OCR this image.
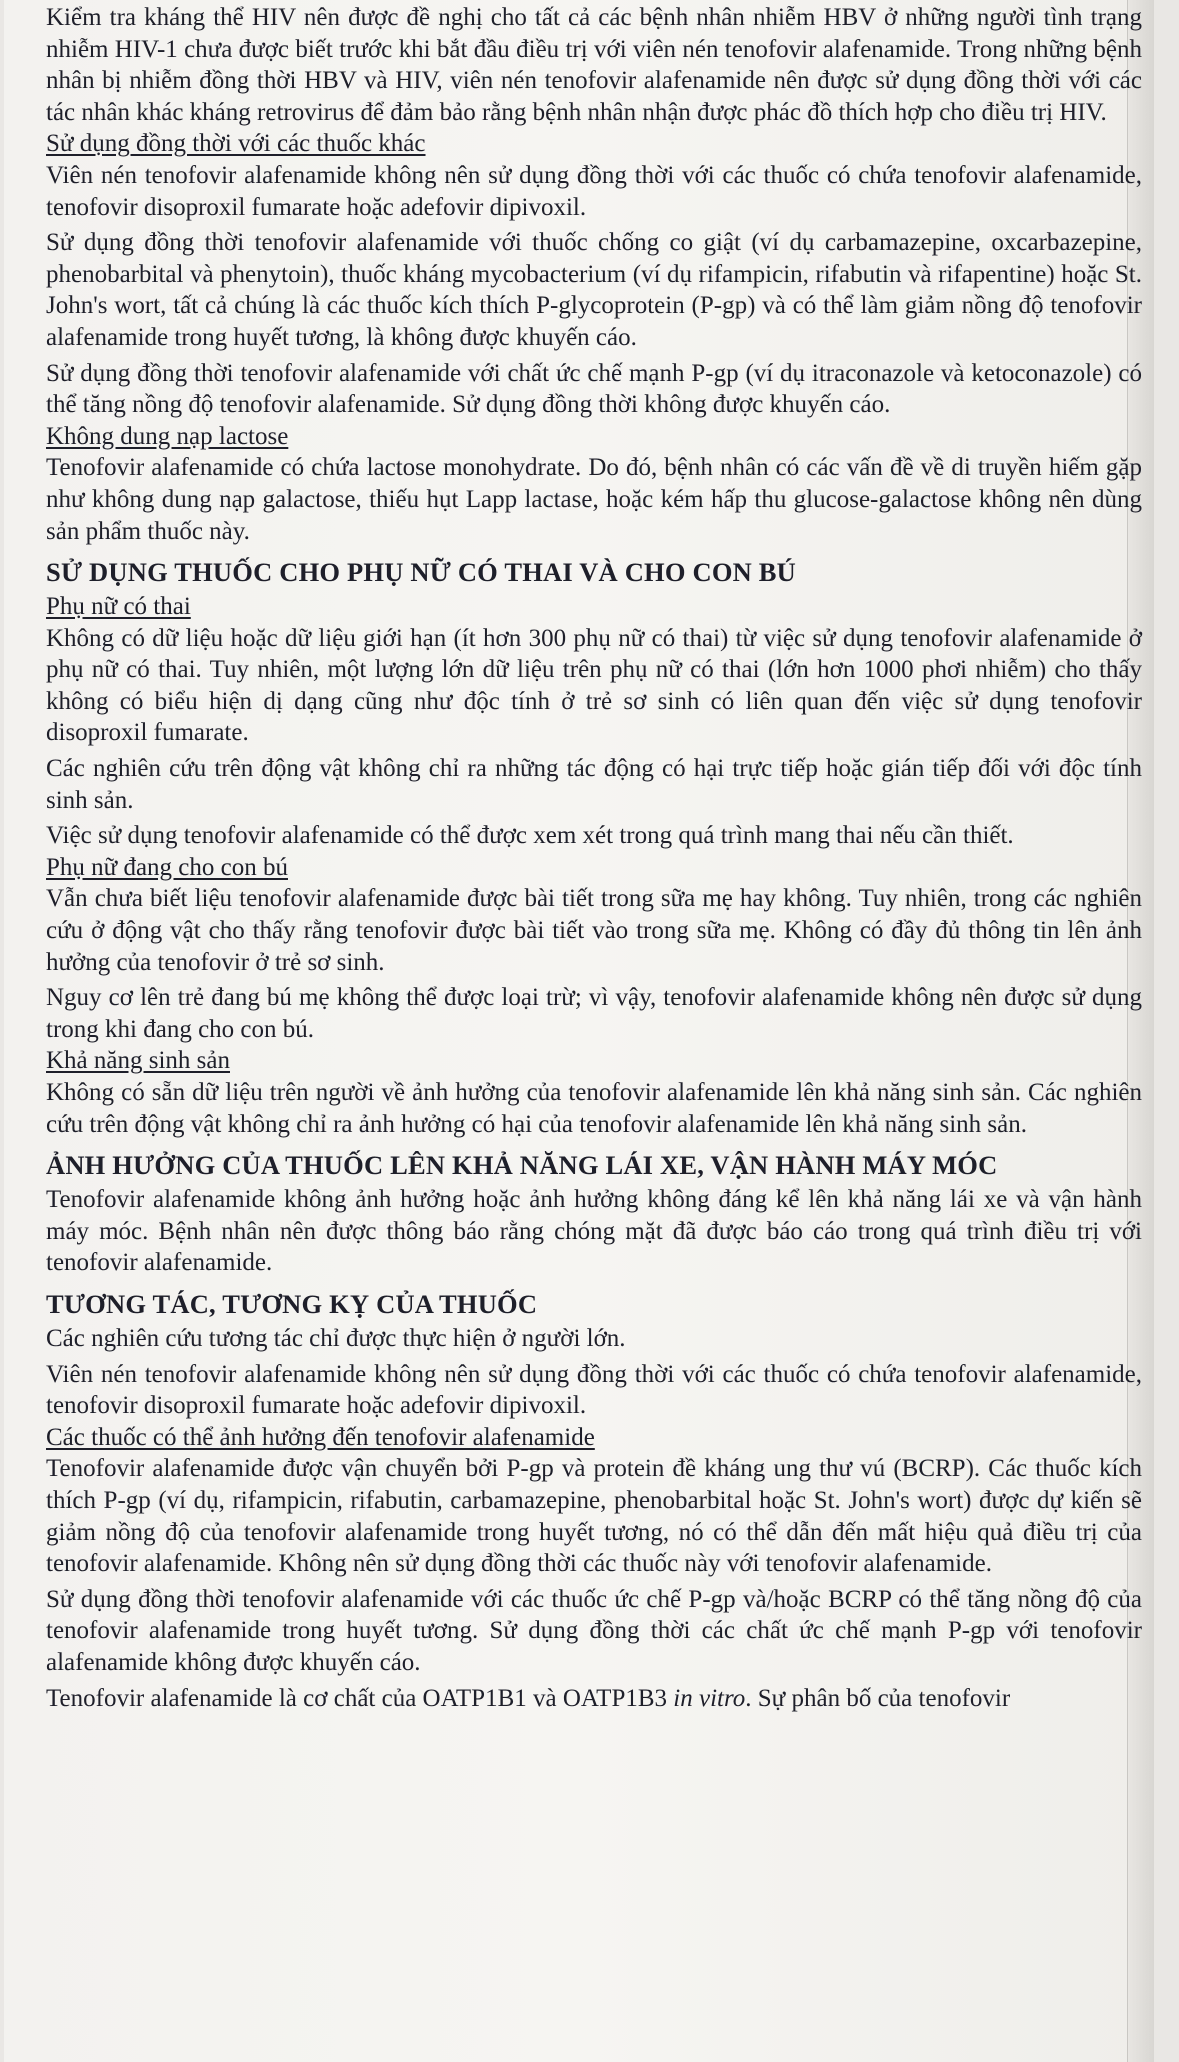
Kiểm tra kháng thể HIV nên được đề nghị cho tất cả các bệnh nhân nhiễm HBV ở những người tình trạng nhiễm HIV-1 chưa được biết trước khi bắt đầu điều trị với viên nén tenofovir alafenamide. Trong những bệnh nhân bị nhiễm đồng thời HBV và HIV, viên nén tenofovir alafenamide nên được sử dụng đồng thời với các tác nhân khác kháng retrovirus để đảm bảo rằng bệnh nhân nhận được phác đồ thích hợp cho điều trị HIV.

Sử dụng đồng thời với các thuốc khác

Viên nén tenofovir alafenamide không nên sử dụng đồng thời với các thuốc có chứa tenofovir alafenamide, tenofovir disoproxil fumarate hoặc adefovir dipivoxil.

Sử dụng đồng thời tenofovir alafenamide với thuốc chống co giật (ví dụ carbamazepine, oxcarbazepine, phenobarbital và phenytoin), thuốc kháng mycobacterium (ví dụ rifampicin, rifabutin và rifapentine) hoặc St. John's wort, tất cả chúng là các thuốc kích thích P-glycoprotein (P-gp) và có thể làm giảm nồng độ tenofovir alafenamide trong huyết tương, là không được khuyến cáo.

Sử dụng đồng thời tenofovir alafenamide với chất ức chế mạnh P-gp (ví dụ itraconazole và ketoconazole) có thể tăng nồng độ tenofovir alafenamide. Sử dụng đồng thời không được khuyến cáo.

Không dung nạp lactose

Tenofovir alafenamide có chứa lactose monohydrate. Do đó, bệnh nhân có các vấn đề về di truyền hiếm gặp như không dung nạp galactose, thiếu hụt Lapp lactase, hoặc kém hấp thu glucose-galactose không nên dùng sản phẩm thuốc này.

SỬ DỤNG THUỐC CHO PHỤ NỮ CÓ THAI VÀ CHO CON BÚ
Phụ nữ có thai

Không có dữ liệu hoặc dữ liệu giới hạn (ít hơn 300 phụ nữ có thai) từ việc sử dụng tenofovir alafenamide ở phụ nữ có thai. Tuy nhiên, một lượng lớn dữ liệu trên phụ nữ có thai (lớn hơn 1000 phơi nhiễm) cho thấy không có biểu hiện dị dạng cũng như độc tính ở trẻ sơ sinh có liên quan đến việc sử dụng tenofovir disoproxil fumarate.

Các nghiên cứu trên động vật không chỉ ra những tác động có hại trực tiếp hoặc gián tiếp đối với độc tính sinh sản.

Việc sử dụng tenofovir alafenamide có thể được xem xét trong quá trình mang thai nếu cần thiết.

Phụ nữ đang cho con bú

Vẫn chưa biết liệu tenofovir alafenamide được bài tiết trong sữa mẹ hay không. Tuy nhiên, trong các nghiên cứu ở động vật cho thấy rằng tenofovir được bài tiết vào trong sữa mẹ. Không có đầy đủ thông tin lên ảnh hưởng của tenofovir ở trẻ sơ sinh.

Nguy cơ lên trẻ đang bú mẹ không thể được loại trừ; vì vậy, tenofovir alafenamide không nên được sử dụng trong khi đang cho con bú.

Khả năng sinh sản

Không có sẵn dữ liệu trên người về ảnh hưởng của tenofovir alafenamide lên khả năng sinh sản. Các nghiên cứu trên động vật không chỉ ra ảnh hưởng có hại của tenofovir alafenamide lên khả năng sinh sản.

ẢNH HƯỞNG CỦA THUỐC LÊN KHẢ NĂNG LÁI XE, VẬN HÀNH MÁY MÓC

Tenofovir alafenamide không ảnh hưởng hoặc ảnh hưởng không đáng kể lên khả năng lái xe và vận hành máy móc. Bệnh nhân nên được thông báo rằng chóng mặt đã được báo cáo trong quá trình điều trị với tenofovir alafenamide.

TƯƠNG TÁC, TƯƠNG KỴ CỦA THUỐC

Các nghiên cứu tương tác chỉ được thực hiện ở người lớn.

Viên nén tenofovir alafenamide không nên sử dụng đồng thời với các thuốc có chứa tenofovir alafenamide, tenofovir disoproxil fumarate hoặc adefovir dipivoxil.

Các thuốc có thể ảnh hưởng đến tenofovir alafenamide

Tenofovir alafenamide được vận chuyển bởi P-gp và protein đề kháng ung thư vú (BCRP). Các thuốc kích thích P-gp (ví dụ, rifampicin, rifabutin, carbamazepine, phenobarbital hoặc St. John's wort) được dự kiến sẽ giảm nồng độ của tenofovir alafenamide trong huyết tương, nó có thể dẫn đến mất hiệu quả điều trị của tenofovir alafenamide. Không nên sử dụng đồng thời các thuốc này với tenofovir alafenamide.

Sử dụng đồng thời tenofovir alafenamide với các thuốc ức chế P-gp và/hoặc BCRP có thể tăng nồng độ của tenofovir alafenamide trong huyết tương. Sử dụng đồng thời các chất ức chế mạnh P-gp với tenofovir alafenamide không được khuyến cáo.

Tenofovir alafenamide là cơ chất của OATP1B1 và OATP1B3 in vitro. Sự phân bố của tenofovir
